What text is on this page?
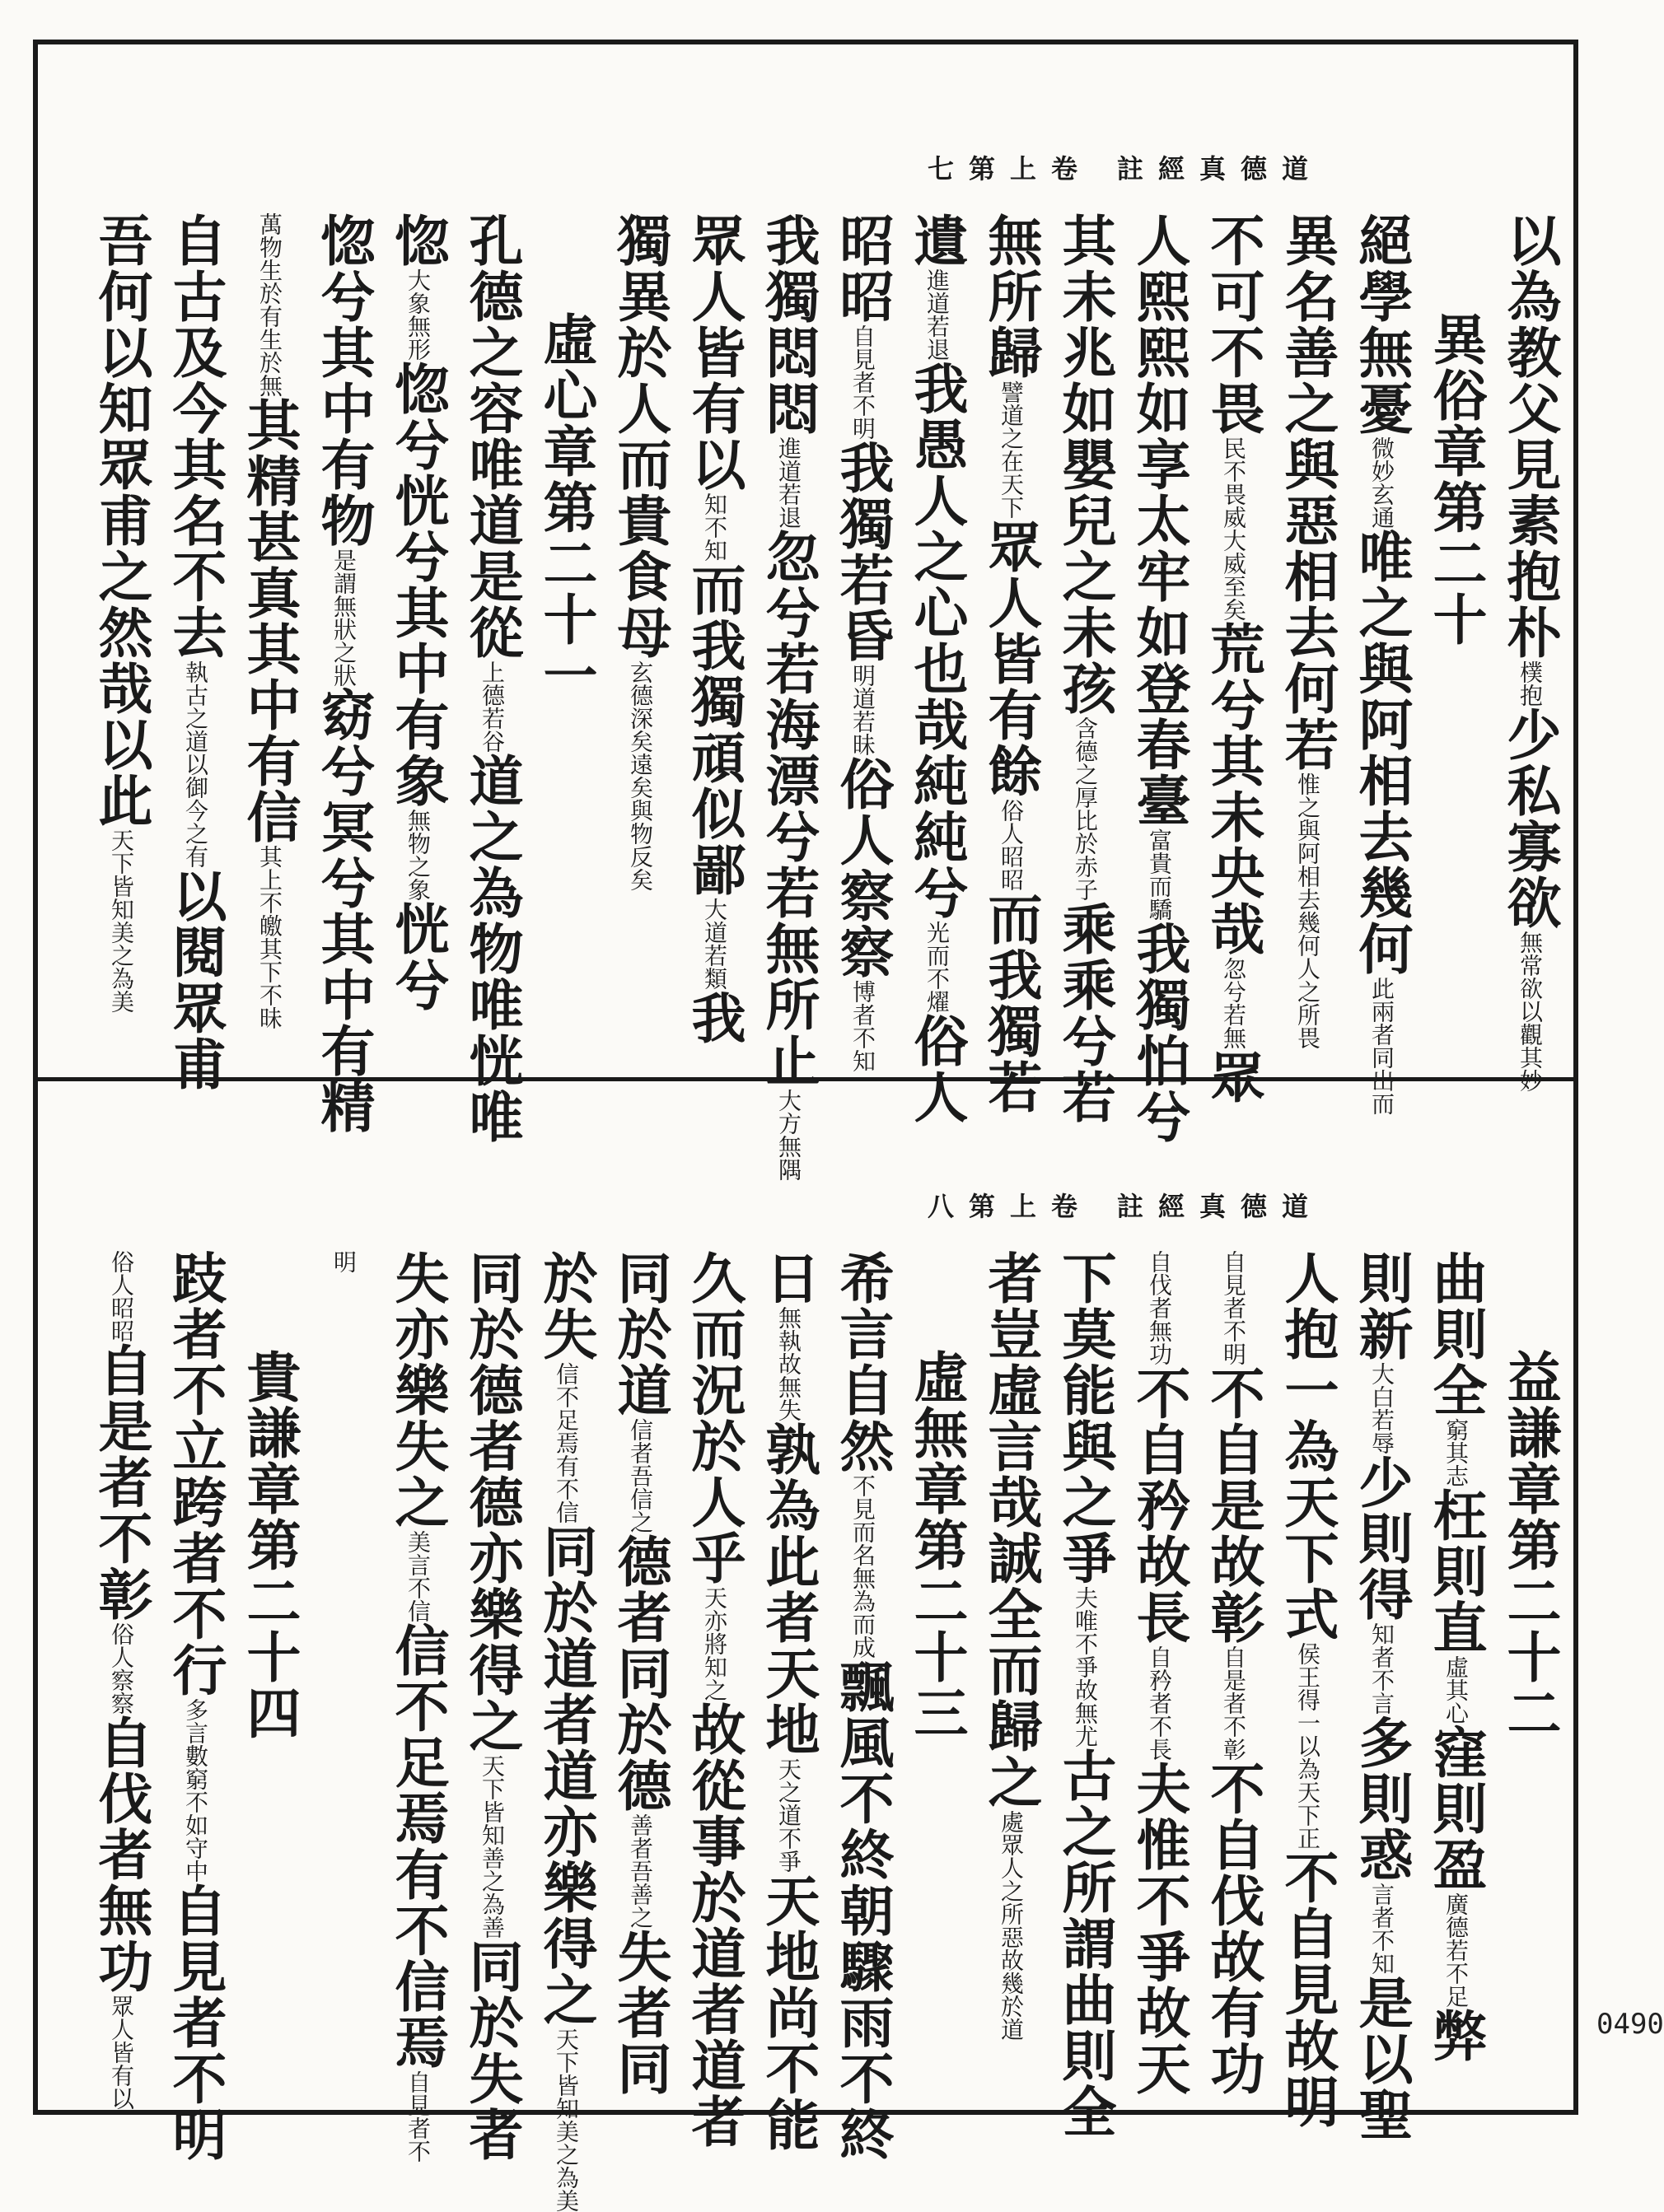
七第上卷 註經真德道
以為教父見素抱朴樸抱少私寡欲無常欲以觀其妙
異俗章第二十
絕學無憂微妙玄通唯之與阿相去幾何此兩者同出而
異名善之與惡相去何若惟之與阿相去幾何人之所畏
不可不畏民不畏威大威至矣荒兮其未央哉忽兮若無眾
人熙熙如享太牢如登春臺富貴而驕我獨怕兮
其未兆如嬰兒之未孩含德之厚比於赤子乘乘兮若
無所歸譬道之在天下眾人皆有餘俗人昭昭而我獨若
遺進道若退我愚人之心也哉純純兮光而不燿俗人
昭昭自見者不明我獨若昏明道若昧俗人察察博者不知
我獨悶悶進道若退忽兮若海漂兮若無所止大方無隅
眾人皆有以知不知而我獨頑似鄙大道若類我
獨異於人而貴食母玄德深矣遠矣與物反矣
虛心章第二十一
孔德之容唯道是從上德若谷道之為物唯恍唯
惚大象無形惚兮恍兮其中有象無物之象恍兮
惚兮其中有物是謂無狀之狀窈兮冥兮其中有精
萬物生於有生於無其精甚真其中有信其上不皦其下不昧
自古及今其名不去執古之道以御今之有以閱眾甫
吾何以知眾甫之然哉以此天下皆知美之為美
八第上卷 註經真德道
益謙章第二十二
曲則全窮其志枉則直虛其心窪則盈廣德若不足弊
則新大白若辱少則得知者不言多則惑言者不知是以聖
人抱一為天下式侯王得一以為天下正不自見故明
自見者不明不自是故彰自是者不彰不自伐故有功
自伐者無功不自矜故長自矜者不長夫惟不爭故天
下莫能與之爭夫唯不爭故無尤古之所謂曲則全
者豈虛言哉誠全而歸之處眾人之所惡故幾於道
虛無章第二十三
希言自然不見而名無為而成飄風不終朝驟雨不終
日無執故無失孰為此者天地天之道不爭天地尚不能
久而況於人乎天亦將知之故從事於道者道者
同於道信者吾信之德者同於德善者吾善之失者同
於失信不足焉有不信同於道者道亦樂得之天下皆知美之為美
同於德者德亦樂得之天下皆知善之為善同於失者
失亦樂失之美言不信信不足焉有不信焉自見者不
明
貴謙章第二十四
跂者不立跨者不行多言數窮不如守中自見者不明
俗人昭昭自是者不彰俗人察察自伐者無功眾人皆有以	0490
